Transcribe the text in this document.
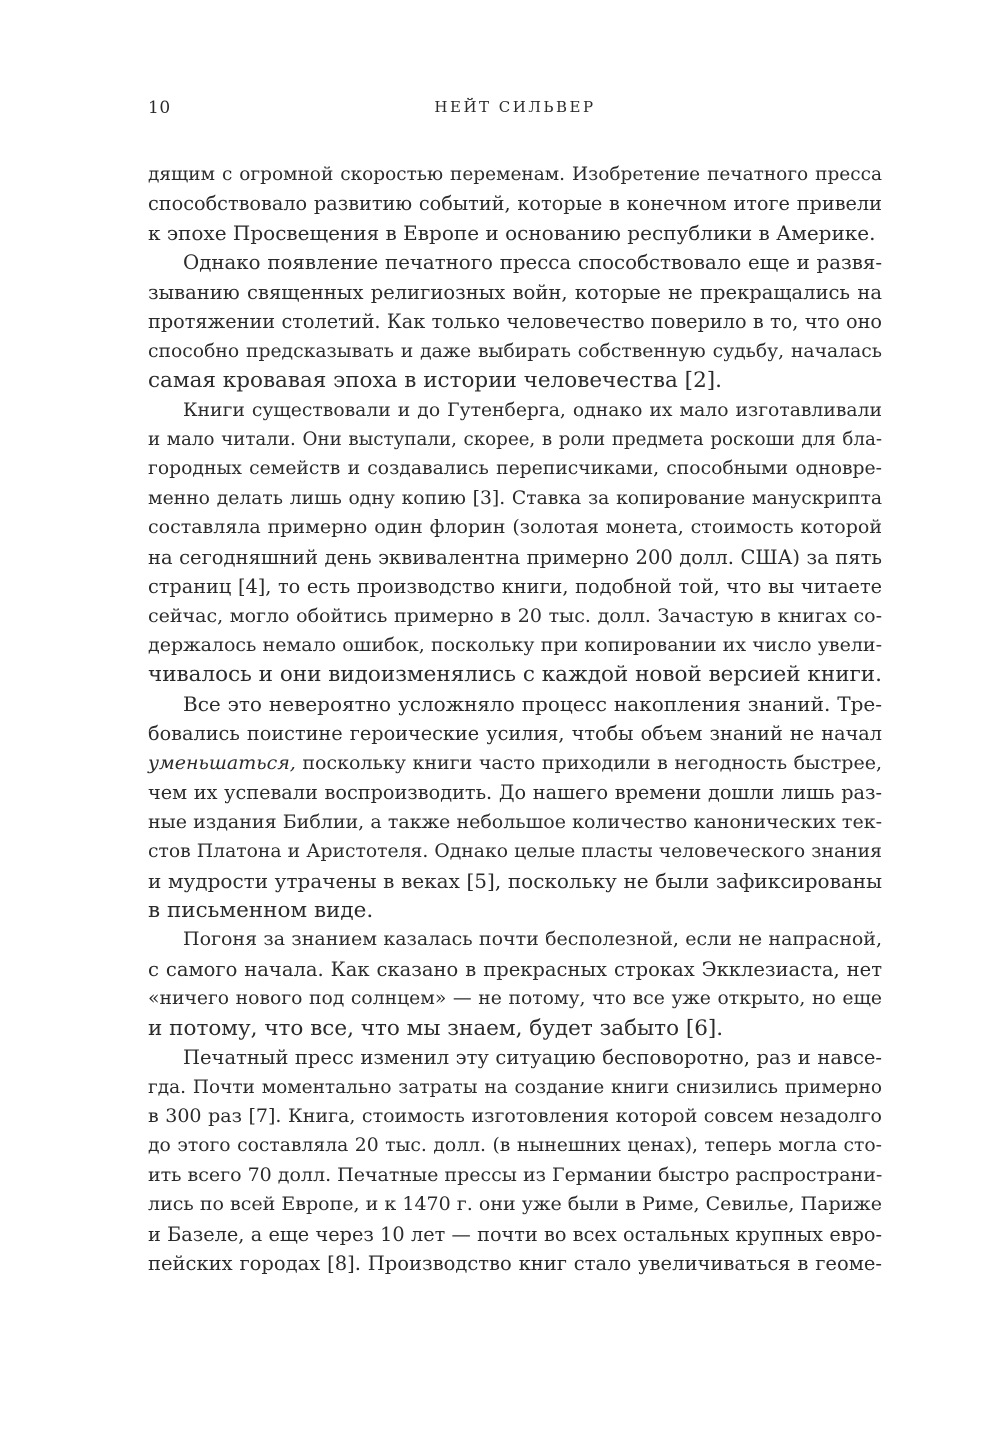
10	НЕЙТ СИЛЬВЕР
дящим с огромной скоростью переменам. Изобретение печатного пресса
способствовало развитию событий, которые в конечном итоге привели
к эпохе Просвещения в Европе и основанию республики в Америке.
Однако появление печатного пресса способствовало еще и развя-
зыванию священных религиозных войн, которые не прекращались на
протяжении столетий. Как только человечество поверило в то, что оно
способно предсказывать и даже выбирать собственную судьбу, началась
самая кровавая эпоха в истории человечества [2].
Книги существовали и до Гутенберга, однако их мало изготавливали
и мало читали. Они выступали, скорее, в роли предмета роскоши для бла-
городных семейств и создавались переписчиками, способными одновре-
менно делать лишь одну копию [3]. Ставка за копирование манускрипта
составляла примерно один флорин (золотая монета, стоимость которой
на сегодняшний день эквивалентна примерно 200 долл. США) за пять
страниц [4], то есть производство книги, подобной той, что вы читаете
сейчас, могло обойтись примерно в 20 тыс. долл. Зачастую в книгах со-
держалось немало ошибок, поскольку при копировании их число увели-
чивалось и они видоизменялись с каждой новой версией книги.
Все это невероятно усложняло процесс накопления знаний. Тре-
бовались поистине героические усилия, чтобы объем знаний не начал
уменьшаться, поскольку книги часто приходили в негодность быстрее,
чем их успевали воспроизводить. До нашего времени дошли лишь раз-
ные издания Библии, а также небольшое количество канонических тек-
стов Платона и Аристотеля. Однако целые пласты человеческого знания
и мудрости утрачены в веках [5], поскольку не были зафиксированы
в письменном виде.
Погоня за знанием казалась почти бесполезной, если не напрасной,
с самого начала. Как сказано в прекрасных строках Экклезиаста, нет
«ничего нового под солнцем» — не потому, что все уже открыто, но еще
и потому, что все, что мы знаем, будет забыто [6].
Печатный пресс изменил эту ситуацию бесповоротно, раз и навсе-
гда. Почти моментально затраты на создание книги снизились примерно
в 300 раз [7]. Книга, стоимость изготовления которой совсем незадолго
до этого составляла 20 тыс. долл. (в нынешних ценах), теперь могла сто-
ить всего 70 долл. Печатные прессы из Германии быстро распространи-
лись по всей Европе, и к 1470 г. они уже были в Риме, Севилье, Париже
и Базеле, а еще через 10 лет — почти во всех остальных крупных евро-
пейских городах [8]. Производство книг стало увеличиваться в геоме-
